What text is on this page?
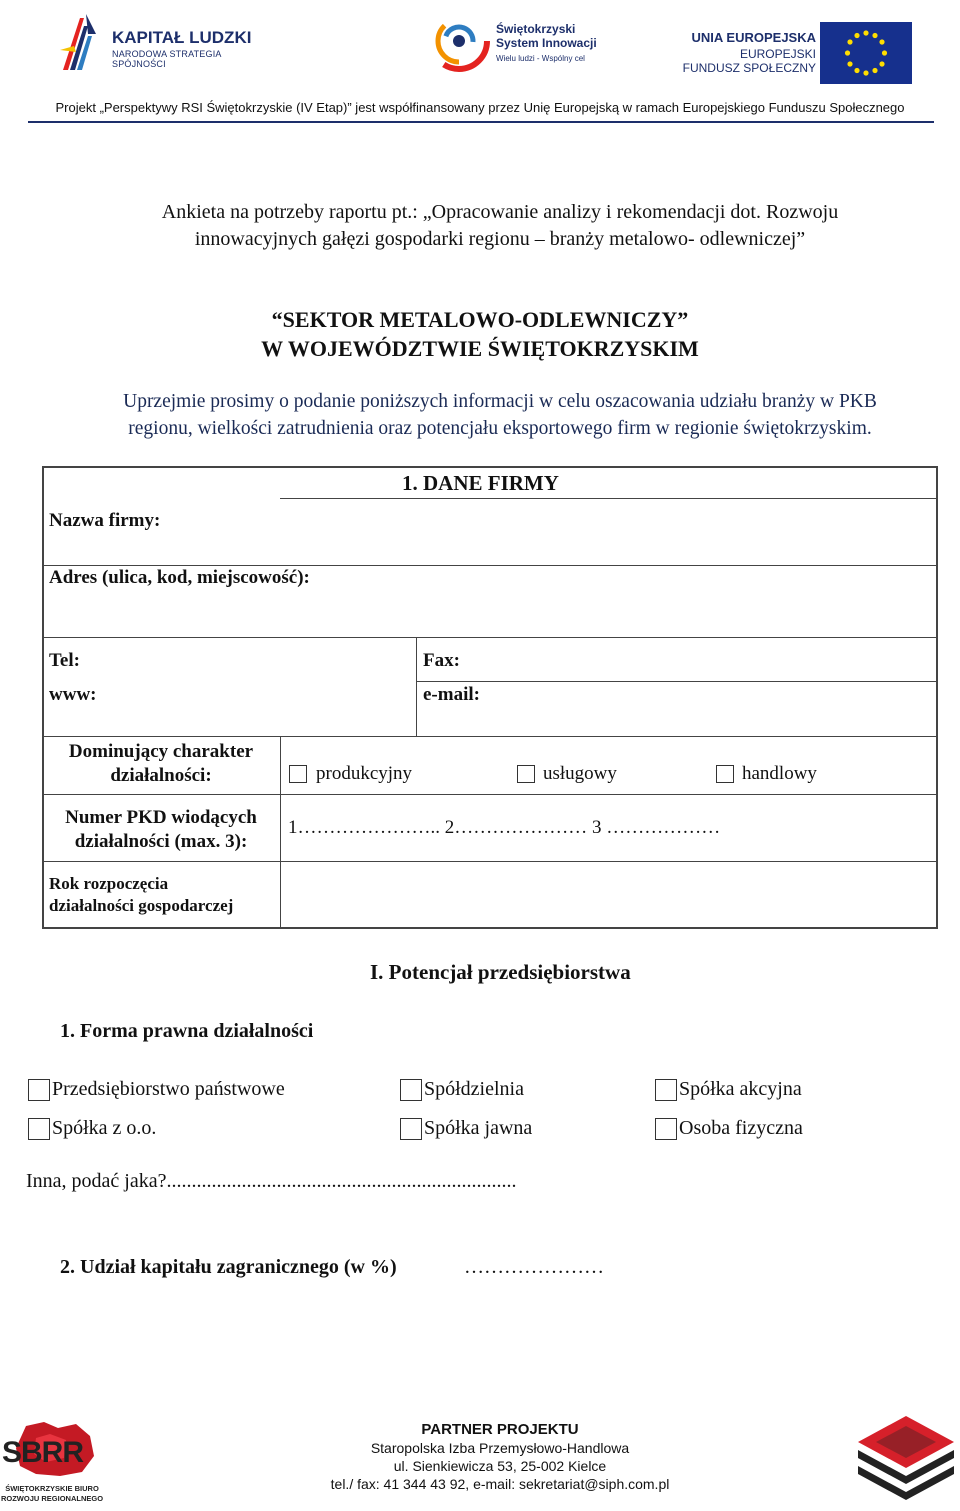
KAPITAŁ LUDZKI
NARODOWA STRATEGIA SPÓJNOŚCI
Świętokrzyski
System Innowacji
Wielu ludzi - Wspólny cel
UNIA EUROPEJSKA
EUROPEJSKI
FUNDUSZ SPOŁECZNY
Projekt „Perspektywy RSI Świętokrzyskie (IV Etap)” jest współfinansowany przez Unię Europejską w ramach Europejskiego Funduszu Społecznego
Ankieta na potrzeby raportu pt.: „Opracowanie analizy i rekomendacji dot. Rozwoju
innowacyjnych gałęzi gospodarki regionu – branży metalowo- odlewniczej”
“SEKTOR METALOWO-ODLEWNICZY”
W WOJEWÓDZTWIE ŚWIĘTOKRZYSKIM
Uprzejmie prosimy o podanie poniższych informacji w celu oszacowania udziału branży w PKB
regionu, wielkości zatrudnienia oraz potencjału eksportowego firm w regionie świętokrzyskim.
1. DANE FIRMY
Nazwa firmy:
Adres (ulica, kod, miejscowość):
Tel:	Fax:
www:	e-mail:
Dominujący charakter
działalności:	produkcyjny	usługowy	handlowy
Numer PKD wiodących
działalności (max. 3):
1………………….. 2………………… 3 ………………
Rok rozpoczęcia
działalności gospodarczej
I. Potencjał przedsiębiorstwa
1. Forma prawna działalności
Przedsiębiorstwo państwowe	Spółdzielnia	Spółka akcyjna
Spółka z o.o.	Spółka jawna	Osoba fizyczna
Inna, podać jaka?......................................................................
2. Udział kapitału zagranicznego (w %)	…………………
SBRR
ŚWIĘTOKRZYSKIE BIURO
ROZWOJU REGIONALNEGO
PARTNER PROJEKTU
Staropolska Izba Przemysłowo-Handlowa
ul. Sienkiewicza 53, 25-002 Kielce
tel./ fax: 41 344 43 92, e-mail: sekretariat@siph.com.pl
